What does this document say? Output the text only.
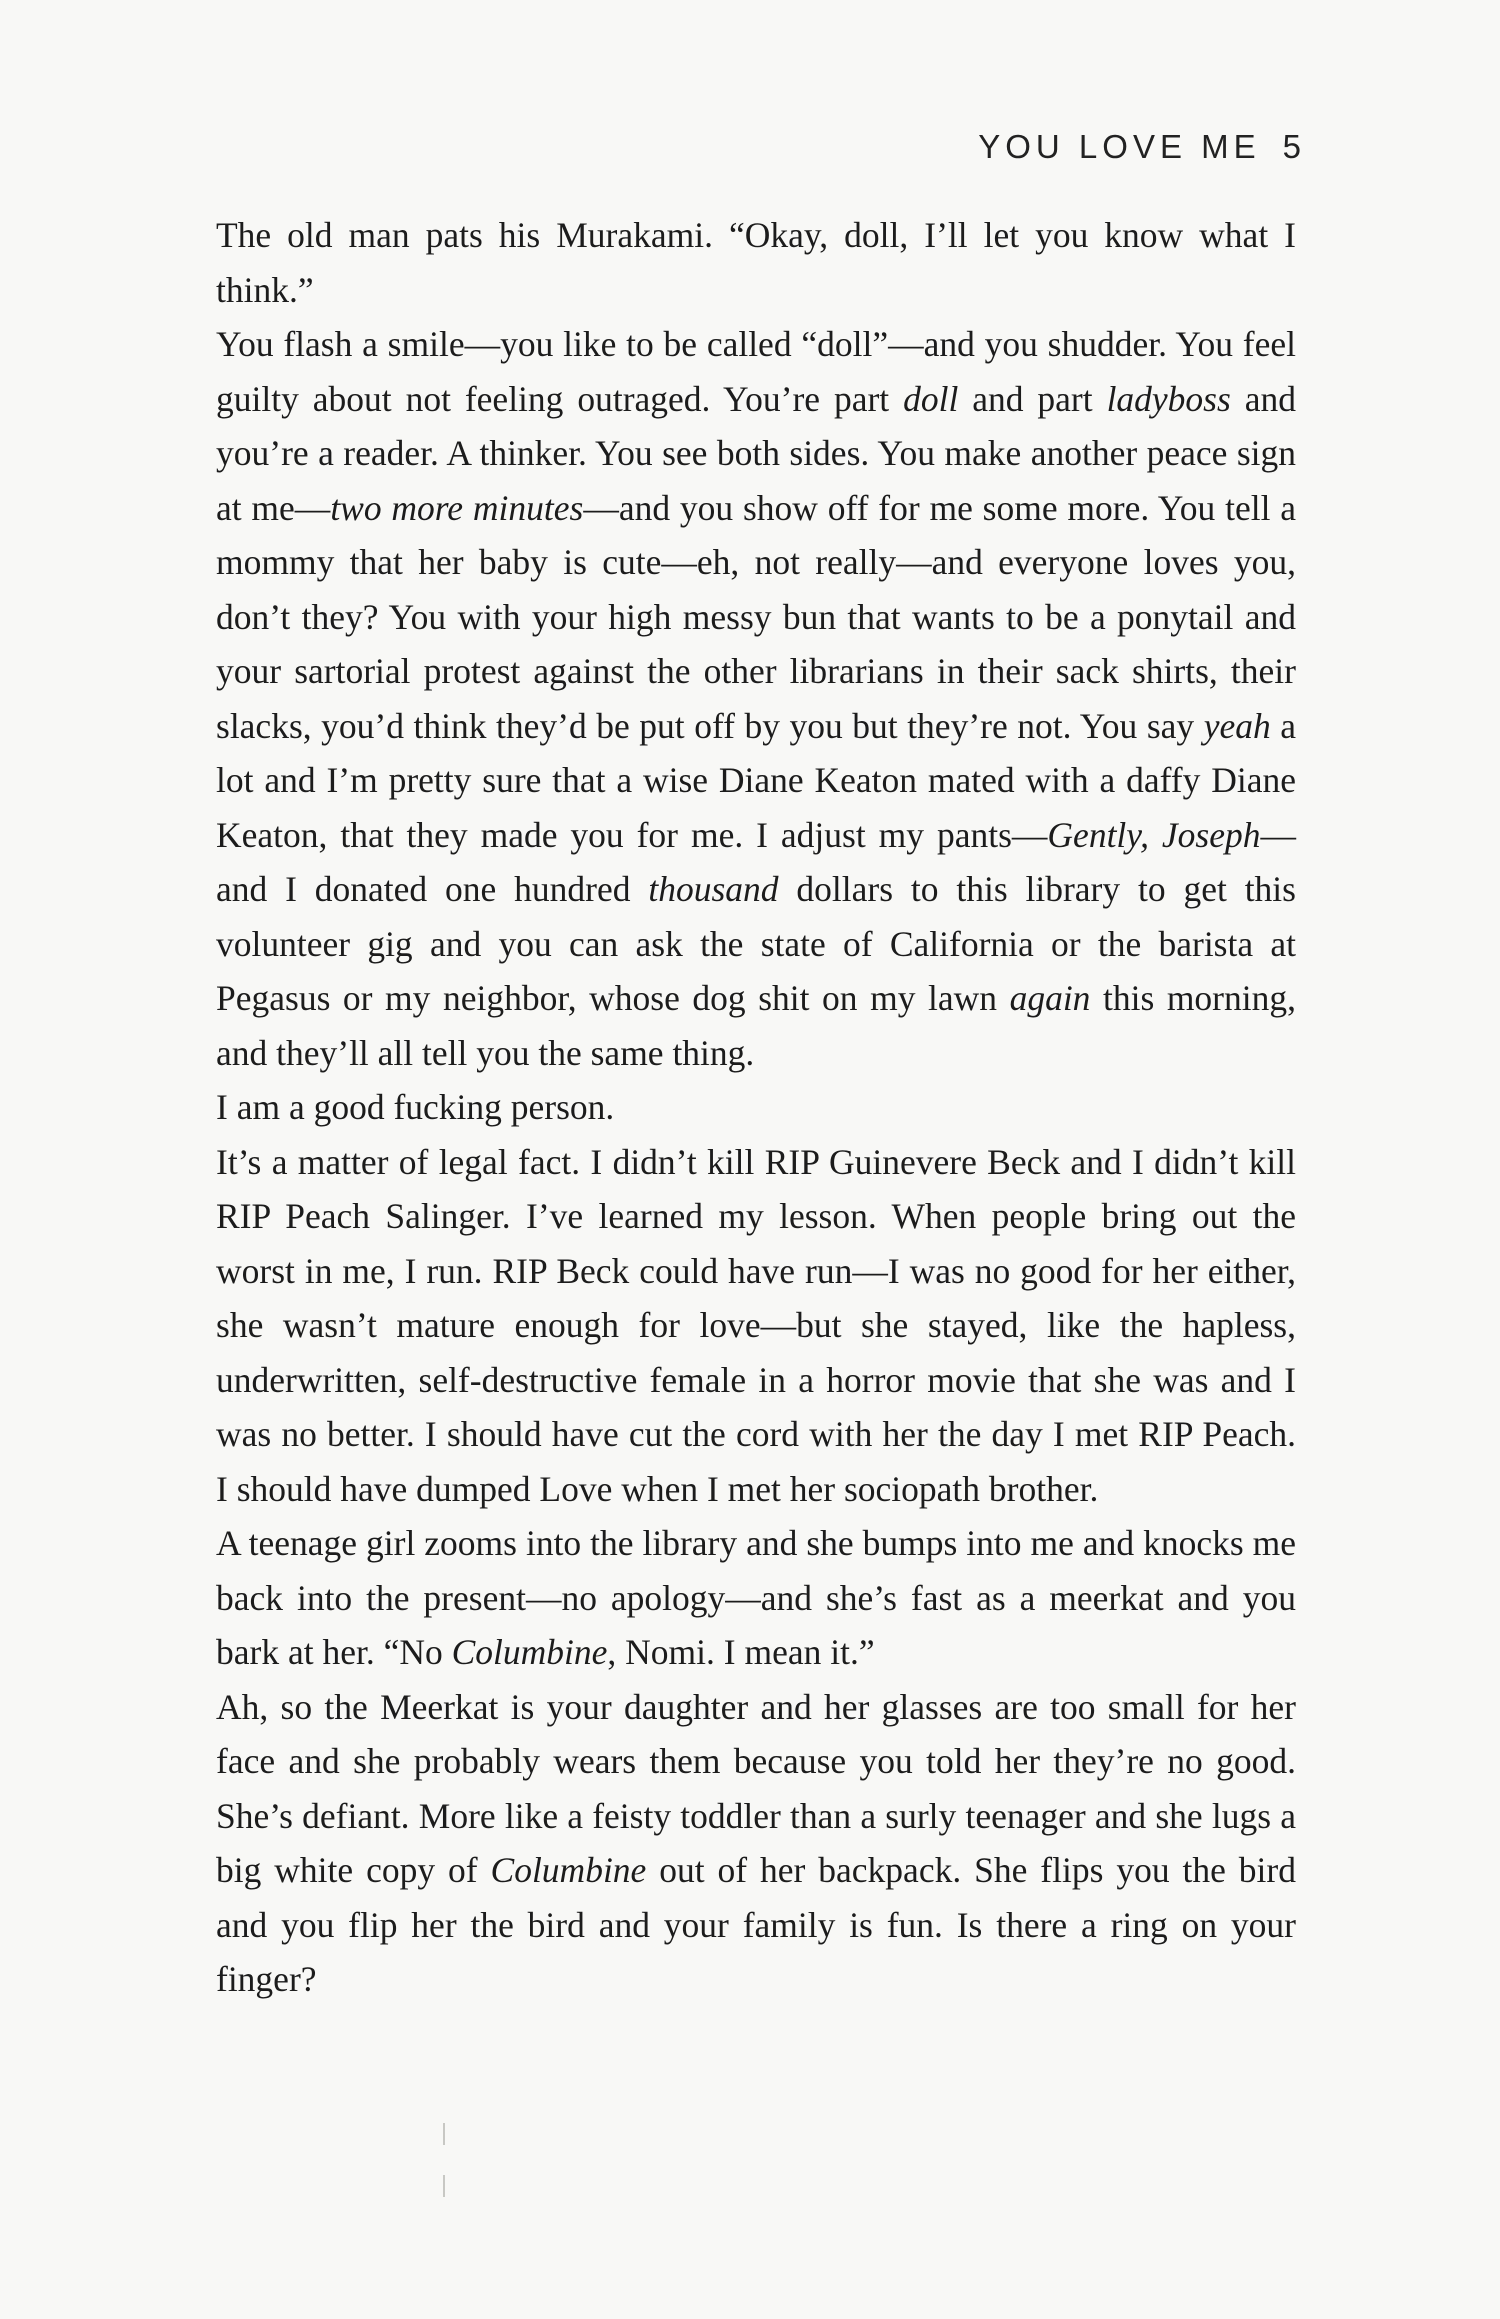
YOU LOVE ME 5

The old man pats his Murakami. “Okay, doll, I’ll let you know what I think.”

You flash a smile—you like to be called “doll”—and you shudder. You feel guilty about not feeling outraged. You’re part doll and part ladyboss and you’re a reader. A thinker. You see both sides. You make another peace sign at me—two more minutes—and you show off for me some more. You tell a mommy that her baby is cute—eh, not really—and everyone loves you, don’t they? You with your high messy bun that wants to be a ponytail and your sartorial protest against the other librarians in their sack shirts, their slacks, you’d think they’d be put off by you but they’re not. You say yeah a lot and I’m pretty sure that a wise Diane Keaton mated with a daffy Diane Keaton, that they made you for me. I adjust my pants—Gently, Joseph—and I donated one hundred thousand dollars to this library to get this volunteer gig and you can ask the state of California or the barista at Pegasus or my neighbor, whose dog shit on my lawn again this morning, and they’ll all tell you the same thing.

I am a good fucking person.

It’s a matter of legal fact. I didn’t kill RIP Guinevere Beck and I didn’t kill RIP Peach Salinger. I’ve learned my lesson. When people bring out the worst in me, I run. RIP Beck could have run—I was no good for her either, she wasn’t mature enough for love—but she stayed, like the hapless, underwritten, self-destructive female in a horror movie that she was and I was no better. I should have cut the cord with her the day I met RIP Peach. I should have dumped Love when I met her sociopath brother.

A teenage girl zooms into the library and she bumps into me and knocks me back into the present—no apology—and she’s fast as a meerkat and you bark at her. “No Columbine, Nomi. I mean it.”

Ah, so the Meerkat is your daughter and her glasses are too small for her face and she probably wears them because you told her they’re no good. She’s defiant. More like a feisty toddler than a surly teenager and she lugs a big white copy of Columbine out of her backpack. She flips you the bird and you flip her the bird and your family is fun. Is there a ring on your finger?
